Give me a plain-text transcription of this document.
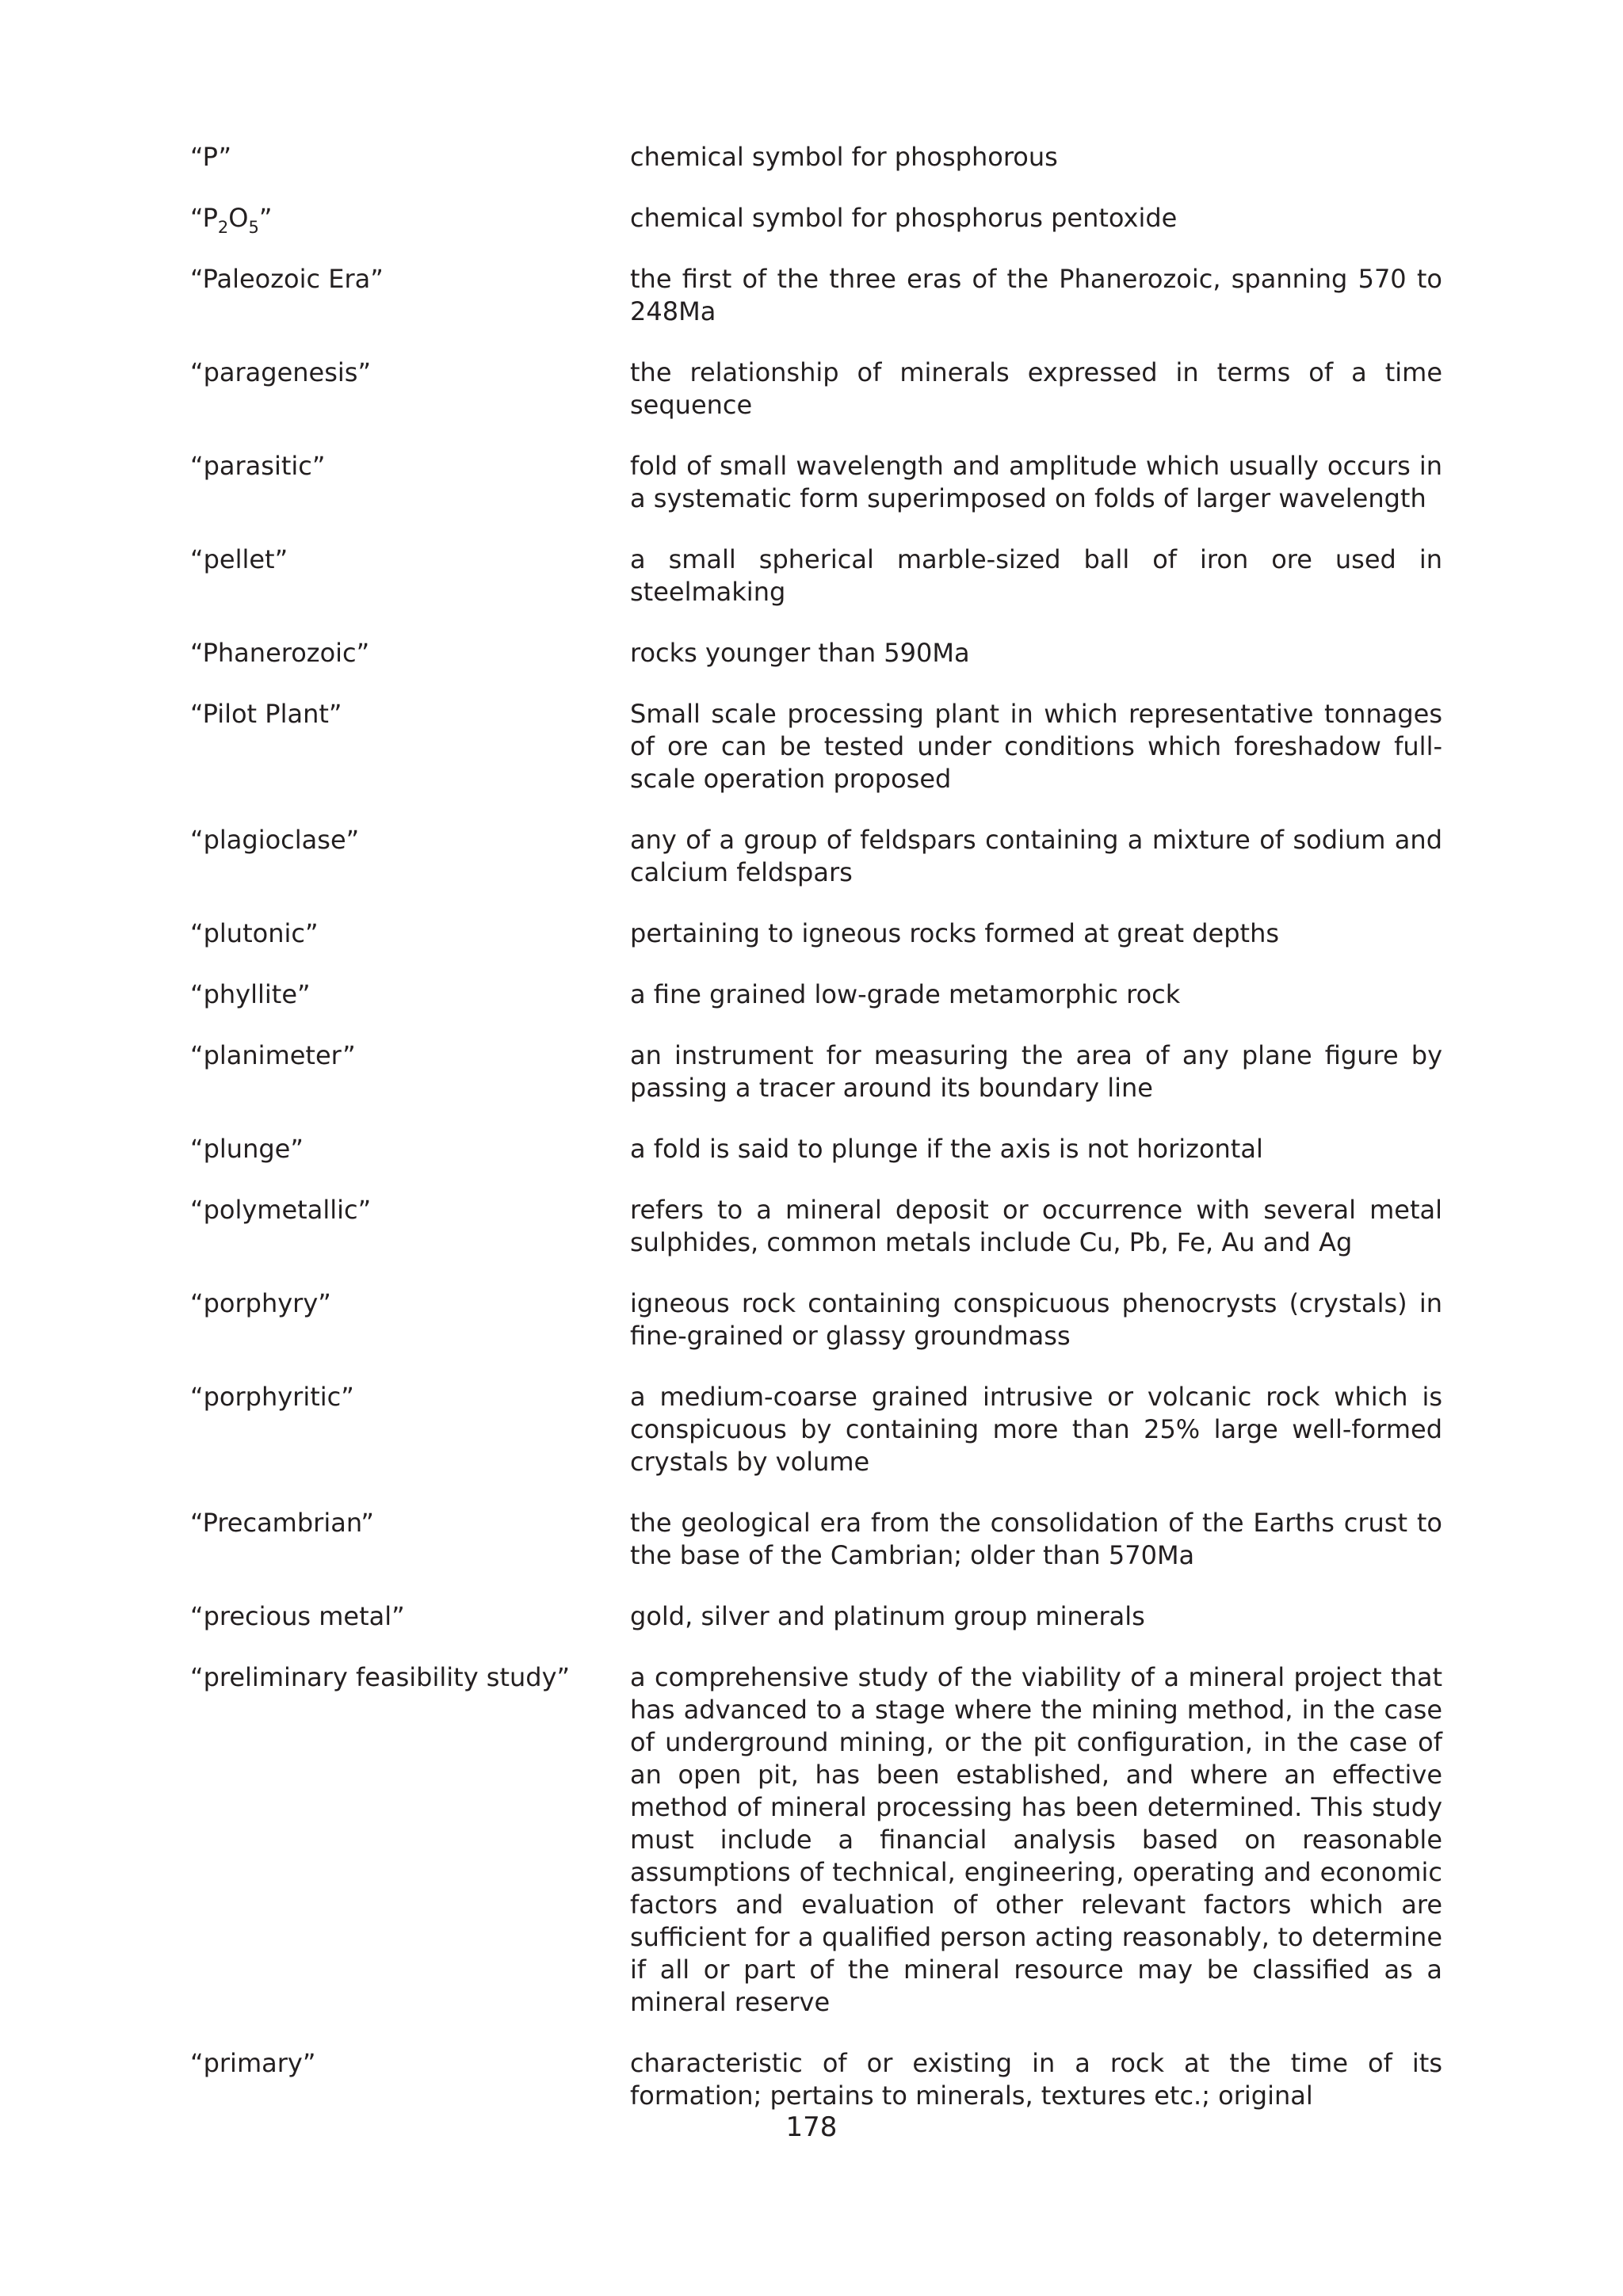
“P”	chemical symbol for phosphorous
“$P_2O_5$”	chemical symbol for phosphorus pentoxide
“Paleozoic Era”	the first of the three eras of the Phanerozoic, spanning 570 to 248Ma
“paragenesis”	the relationship of minerals expressed in terms of a time sequence
“parasitic”	fold of small wavelength and amplitude which usually occurs in a systematic form superimposed on folds of larger wavelength
“pellet”	a small spherical marble-sized ball of iron ore used in steelmaking
“Phanerozoic”	rocks younger than 590Ma
“Pilot Plant”	Small scale processing plant in which representative tonnages of ore can be tested under conditions which foreshadow full-scale operation proposed
“plagioclase”	any of a group of feldspars containing a mixture of sodium and calcium feldspars
“plutonic”	pertaining to igneous rocks formed at great depths
“phyllite”	a fine grained low-grade metamorphic rock
“planimeter”	an instrument for measuring the area of any plane figure by passing a tracer around its boundary line
“plunge”	a fold is said to plunge if the axis is not horizontal
“polymetallic”	refers to a mineral deposit or occurrence with several metal sulphides, common metals include Cu, Pb, Fe, Au and Ag
“porphyry”	igneous rock containing conspicuous phenocrysts (crystals) in fine-grained or glassy groundmass
“porphyritic”	a medium-coarse grained intrusive or volcanic rock which is conspicuous by containing more than 25% large well-formed crystals by volume
“Precambrian”	the geological era from the consolidation of the Earths crust to the base of the Cambrian; older than 570Ma
“precious metal”	gold, silver and platinum group minerals
“preliminary feasibility study”	a comprehensive study of the viability of a mineral project that has advanced to a stage where the mining method, in the case of underground mining, or the pit configuration, in the case of an open pit, has been established, and where an effective method of mineral processing has been determined. This study must include a financial analysis based on reasonable assumptions of technical, engineering, operating and economic factors and evaluation of other relevant factors which are sufficient for a qualified person acting reasonably, to determine if all or part of the mineral resource may be classified as a mineral reserve
“primary”	characteristic of or existing in a rock at the time of its formation; pertains to minerals, textures etc.; original
178
